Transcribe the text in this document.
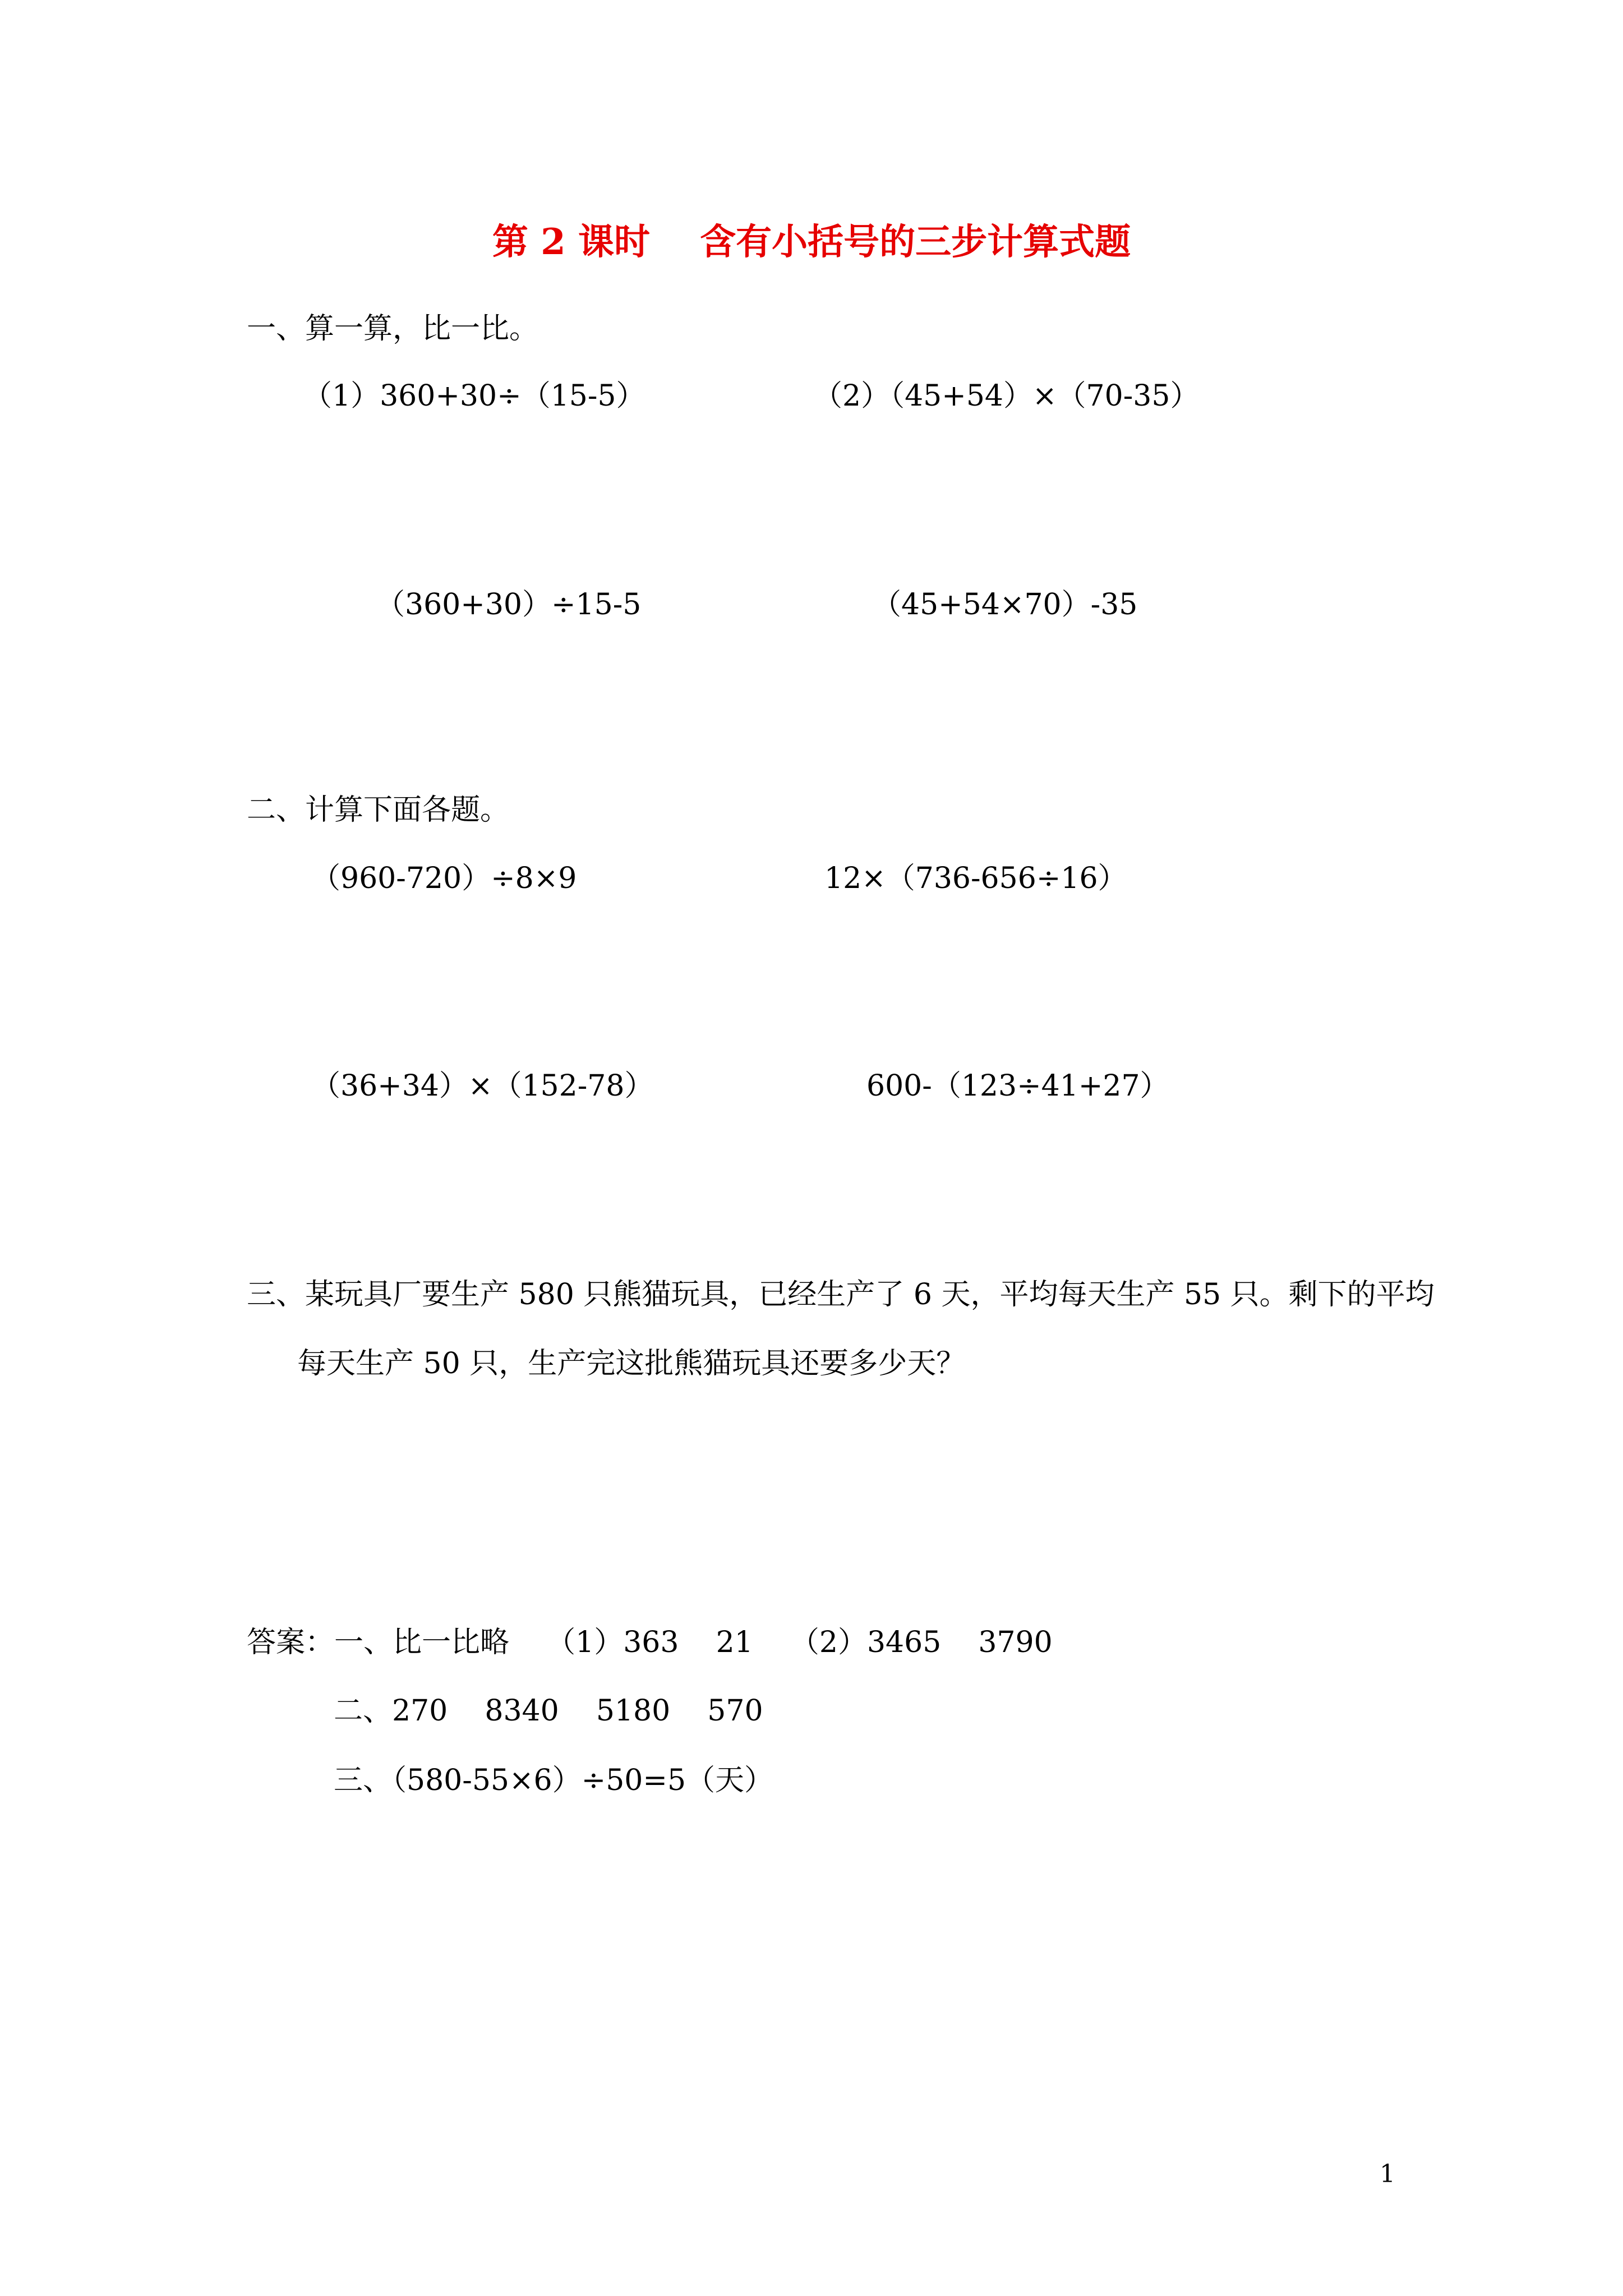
第 2 课时    含有小括号的三步计算式题
一、算一算，比一比。
（1）360+30÷（15-5）	（2）（45+54）×（70-35）
（360+30）÷15-5	（45+54×70）-35
二、计算下面各题。
（960-720）÷8×9	12×（736-656÷16）
（36+34）×（152-78）	600-（123÷41+27）
三、某玩具厂要生产 580 只熊猫玩具，已经生产了 6 天，平均每天生产 55 只。剩下的平均
每天生产 50 只，生产完这批熊猫玩具还要多少天？
答案：一、比一比略    （1）363    21    （2）3465    3790
二、270    8340    5180    570
三、（580-55×6）÷50=5（天）
1
